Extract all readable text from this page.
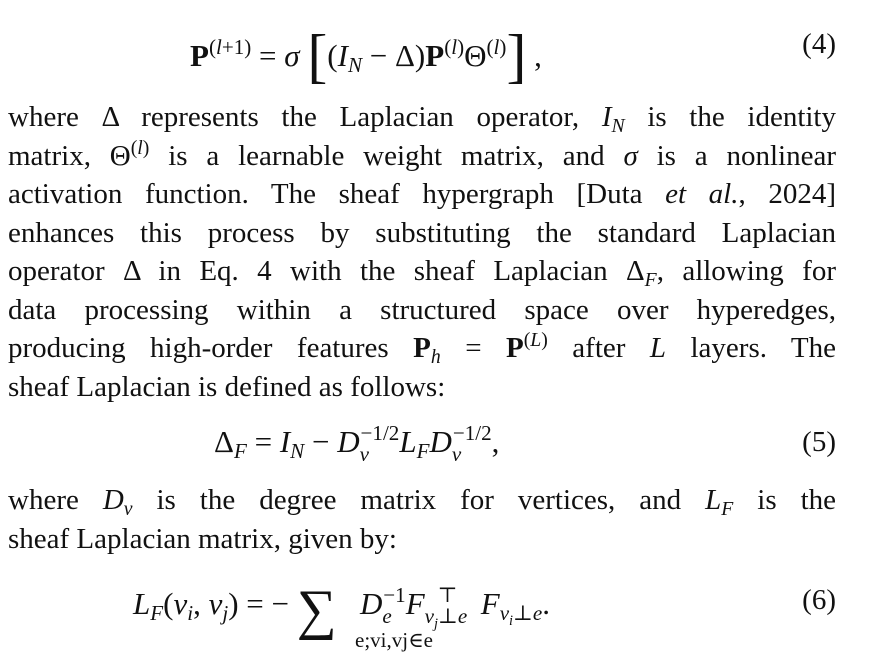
$P^{(l+1)} = \sigma$ $[(I_N - \Delta)P^{(l)}\Theta^{(l)}]$ ,	(4)
where Δ represents the Laplacian operator, $I_N$ is the identity
matrix, $\Theta^{(l)}$ is a learnable weight matrix, and σ is a nonlinear
activation function. The sheaf hypergraph [Duta et al., 2024]
enhances this process by substituting the standard Laplacian
operator Δ in Eq. 4 with the sheaf Laplacian $\Delta_F$, allowing for
data processing within a structured space over hyperedges,
producing high-order features $P_h = P^{(L)}$ after L layers. The
sheaf Laplacian is defined as follows:
$\Delta_F = I_N - D_v^{-1/2}L_FD_v^{-1/2}$,	(5)
where $D_v$ is the degree matrix for vertices, and $L_F$ is the
sheaf Laplacian matrix, given by:
$L_F(v_i$, $v_j$) = − ∑ $D_e^{-1}F_{v_j\perp e}^⊤$ $F_{v_i\perp e}$.
e;vi,vj∈e
(6)
